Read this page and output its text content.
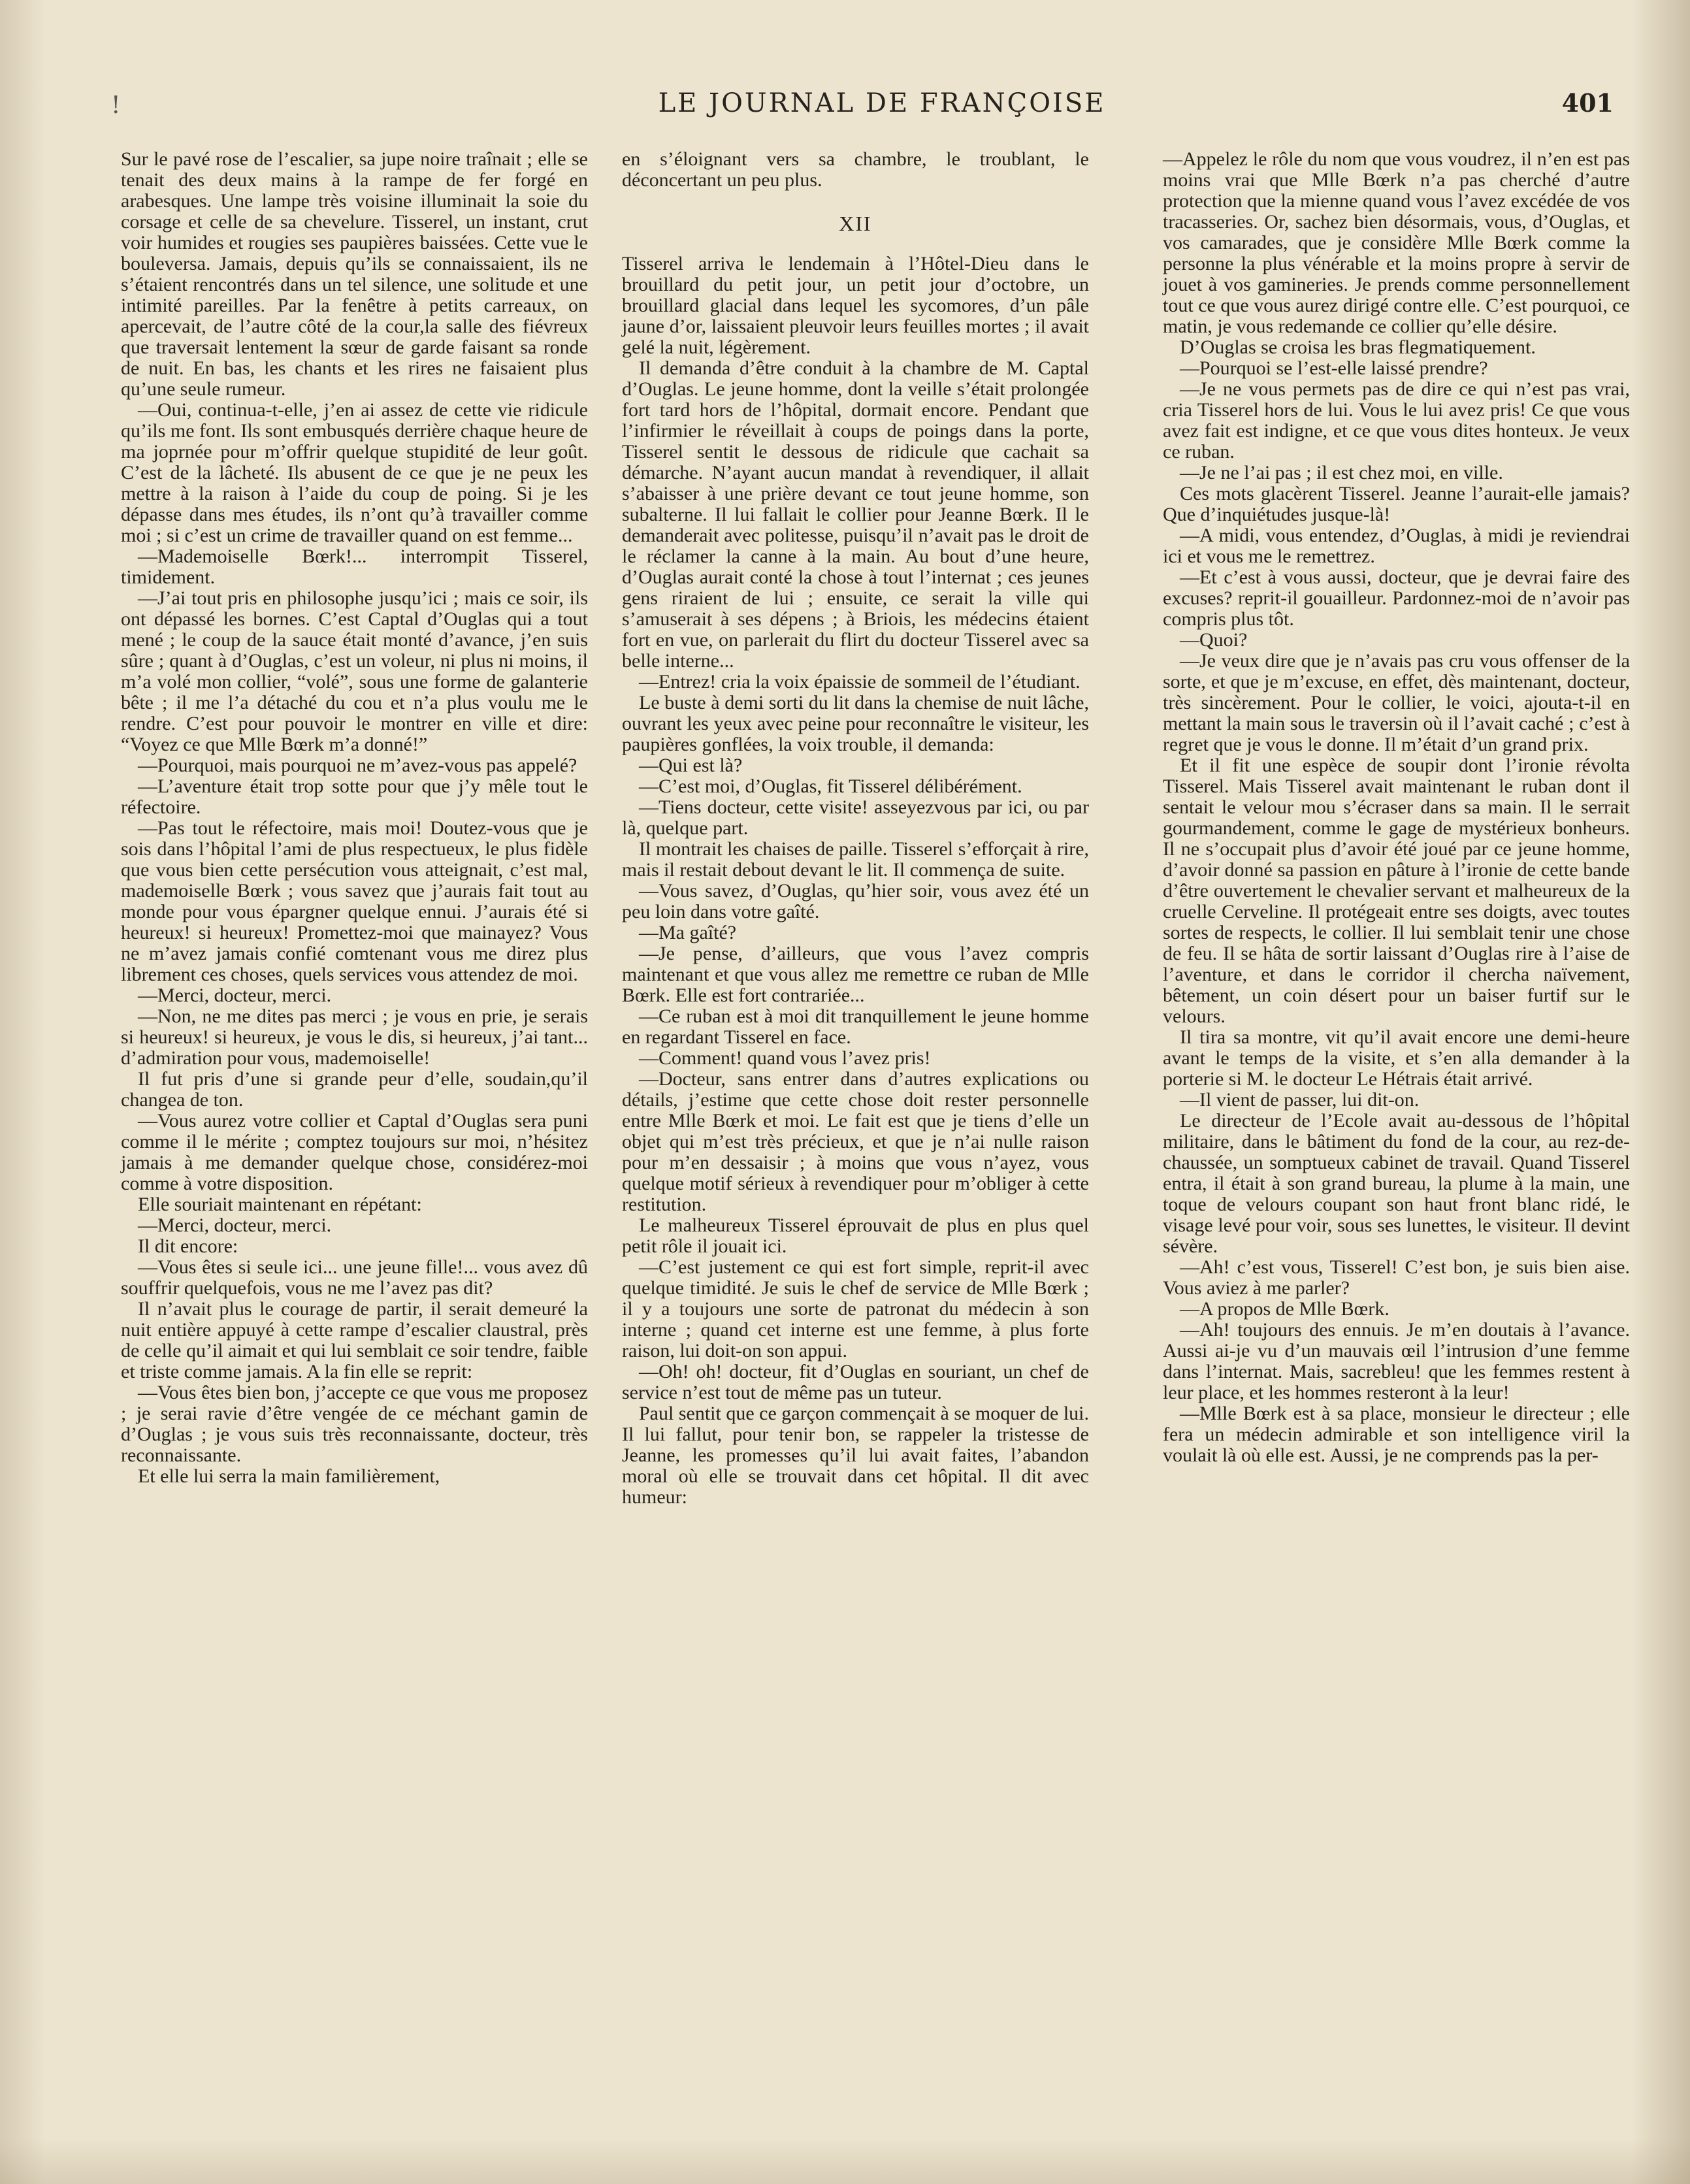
!	LE JOURNAL DE FRANÇOISE	401

Sur le pavé rose de l’escalier, sa jupe noire traînait ; elle se tenait des deux mains à la rampe de fer forgé en arabesques. Une lampe très voisine illuminait la soie du corsage et celle de sa chevelure. Tisserel, un instant, crut voir humides et rougies ses paupières baissées. Cette vue le bouleversa. Jamais, depuis qu’ils se connaissaient, ils ne s’étaient rencontrés dans un tel silence, une solitude et une intimité pareilles. Par la fenêtre à petits carreaux, on apercevait, de l’autre côté de la cour,la salle des fiévreux que traversait lentement la sœur de garde faisant sa ronde de nuit. En bas, les chants et les rires ne faisaient plus qu’une seule rumeur.

—Oui, continua-t-elle, j’en ai assez de cette vie ridicule qu’ils me font. Ils sont embusqués derrière chaque heure de ma joprnée pour m’offrir quelque stupidité de leur goût. C’est de la lâcheté. Ils abusent de ce que je ne peux les mettre à la raison à l’aide du coup de poing. Si je les dépasse dans mes études, ils n’ont qu’à travailler comme moi ; si c’est un crime de travailler quand on est femme...

—Mademoiselle Bœrk!... interrompit Tisserel, timidement.

—J’ai tout pris en philosophe jusqu’ici ; mais ce soir, ils ont dépassé les bornes. C’est Captal d’Ouglas qui a tout mené ; le coup de la sauce était monté d’avance, j’en suis sûre ; quant à d’Ouglas, c’est un voleur, ni plus ni moins, il m’a volé mon collier, “volé”, sous une forme de galanterie bête ; il me l’a détaché du cou et n’a plus voulu me le rendre. C’est pour pouvoir le montrer en ville et dire: “Voyez ce que Mlle Bœrk m’a donné!”

—Pourquoi, mais pourquoi ne m’avez-vous pas appelé?

—L’aventure était trop sotte pour que j’y mêle tout le réfectoire.

—Pas tout le réfectoire, mais moi! Doutez-vous que je sois dans l’hôpital l’ami de plus respectueux, le plus fidèle que vous bien cette persécution vous atteignait, c’est mal, mademoiselle Bœrk ; vous savez que j’aurais fait tout au monde pour vous épargner quelque ennui. J’aurais été si heureux! si heureux! Promettez-moi que mainayez? Vous ne m’avez jamais confié comtenant vous me direz plus librement ces choses, quels services vous attendez de moi.

—Merci, docteur, merci.

—Non, ne me dites pas merci ; je vous en prie, je serais si heureux! si heureux, je vous le dis, si heureux, j’ai tant... d’admiration pour vous, mademoiselle!

Il fut pris d’une si grande peur d’elle, soudain,qu’il changea de ton.

—Vous aurez votre collier et Captal d’Ouglas sera puni comme il le mérite ; comptez toujours sur moi, n’hésitez jamais à me demander quelque chose, considérez-moi comme à votre disposition.

Elle souriait maintenant en répétant:

—Merci, docteur, merci.

Il dit encore:

—Vous êtes si seule ici... une jeune fille!... vous avez dû souffrir quelquefois, vous ne me l’avez pas dit?

Il n’avait plus le courage de partir, il serait demeuré la nuit entière appuyé à cette rampe d’escalier claustral, près de celle qu’il aimait et qui lui semblait ce soir tendre, faible et triste comme jamais. A la fin elle se reprit:

—Vous êtes bien bon, j’accepte ce que vous me proposez ; je serai ravie d’être vengée de ce méchant gamin de d’Ouglas ; je vous suis très reconnaissante, docteur, très reconnaissante.

Et elle lui serra la main familièrement,

en s’éloignant vers sa chambre, le troublant, le déconcertant un peu plus.

XII

Tisserel arriva le lendemain à l’Hôtel-Dieu dans le brouillard du petit jour, un petit jour d’octobre, un brouillard glacial dans lequel les sycomores, d’un pâle jaune d’or, laissaient pleuvoir leurs feuilles mortes ; il avait gelé la nuit, légèrement.

Il demanda d’être conduit à la chambre de M. Captal d’Ouglas. Le jeune homme, dont la veille s’était prolongée fort tard hors de l’hôpital, dormait encore. Pendant que l’infirmier le réveillait à coups de poings dans la porte, Tisserel sentit le dessous de ridicule que cachait sa démarche. N’ayant aucun mandat à revendiquer, il allait s’abaisser à une prière devant ce tout jeune homme, son subalterne. Il lui fallait le collier pour Jeanne Bœrk. Il le demanderait avec politesse, puisqu’il n’avait pas le droit de le réclamer la canne à la main. Au bout d’une heure, d’Ouglas aurait conté la chose à tout l’internat ; ces jeunes gens riraient de lui ; ensuite, ce serait la ville qui s’amuserait à ses dépens ; à Briois, les médecins étaient fort en vue, on parlerait du flirt du docteur Tisserel avec sa belle interne...

—Entrez! cria la voix épaissie de sommeil de l’étudiant.

Le buste à demi sorti du lit dans la chemise de nuit lâche, ouvrant les yeux avec peine pour reconnaître le visiteur, les paupières gonflées, la voix trouble, il demanda:

—Qui est là?

—C’est moi, d’Ouglas, fit Tisserel délibérément.

—Tiens docteur, cette visite! asseyezvous par ici, ou par là, quelque part.

Il montrait les chaises de paille. Tisserel s’efforçait à rire, mais il restait debout devant le lit. Il commença de suite.

—Vous savez, d’Ouglas, qu’hier soir, vous avez été un peu loin dans votre gaîté.

—Ma gaîté?

—Je pense, d’ailleurs, que vous l’avez compris maintenant et que vous allez me remettre ce ruban de Mlle Bœrk. Elle est fort contrariée...

—Ce ruban est à moi dit tranquillement le jeune homme en regardant Tisserel en face.

—Comment! quand vous l’avez pris!

—Docteur, sans entrer dans d’autres explications ou détails, j’estime que cette chose doit rester personnelle entre Mlle Bœrk et moi. Le fait est que je tiens d’elle un objet qui m’est très précieux, et que je n’ai nulle raison pour m’en dessaisir ; à moins que vous n’ayez, vous quelque motif sérieux à revendiquer pour m’obliger à cette restitution.

Le malheureux Tisserel éprouvait de plus en plus quel petit rôle il jouait ici.

—C’est justement ce qui est fort simple, reprit-il avec quelque timidité. Je suis le chef de service de Mlle Bœrk ; il y a toujours une sorte de patronat du médecin à son interne ; quand cet interne est une femme, à plus forte raison, lui doit-on son appui.

—Oh! oh! docteur, fit d’Ouglas en souriant, un chef de service n’est tout de même pas un tuteur.

Paul sentit que ce garçon commençait à se moquer de lui. Il lui fallut, pour tenir bon, se rappeler la tristesse de Jeanne, les promesses qu’il lui avait faites, l’abandon moral où elle se trouvait dans cet hôpital. Il dit avec humeur:

—Appelez le rôle du nom que vous voudrez, il n’en est pas moins vrai que Mlle Bœrk n’a pas cherché d’autre protection que la mienne quand vous l’avez excédée de vos tracasseries. Or, sachez bien désormais, vous, d’Ouglas, et vos camarades, que je considère Mlle Bœrk comme la personne la plus vénérable et la moins propre à servir de jouet à vos gamineries. Je prends comme personnellement tout ce que vous aurez dirigé contre elle. C’est pourquoi, ce matin, je vous redemande ce collier qu’elle désire.

D’Ouglas se croisa les bras flegmatiquement.

—Pourquoi se l’est-elle laissé prendre?

—Je ne vous permets pas de dire ce qui n’est pas vrai, cria Tisserel hors de lui. Vous le lui avez pris! Ce que vous avez fait est indigne, et ce que vous dites honteux. Je veux ce ruban.

—Je ne l’ai pas ; il est chez moi, en ville.

Ces mots glacèrent Tisserel. Jeanne l’aurait-elle jamais? Que d’inquiétudes jusque-là!

—A midi, vous entendez, d’Ouglas, à midi je reviendrai ici et vous me le remettrez.

—Et c’est à vous aussi, docteur, que je devrai faire des excuses? reprit-il gouailleur. Pardonnez-moi de n’avoir pas compris plus tôt.

—Quoi?

—Je veux dire que je n’avais pas cru vous offenser de la sorte, et que je m’excuse, en effet, dès maintenant, docteur, très sincèrement. Pour le collier, le voici, ajouta-t-il en mettant la main sous le traversin où il l’avait caché ; c’est à regret que je vous le donne. Il m’était d’un grand prix.

Et il fit une espèce de soupir dont l’ironie révolta Tisserel. Mais Tisserel avait maintenant le ruban dont il sentait le velour mou s’écraser dans sa main. Il le serrait gourmandement, comme le gage de mystérieux bonheurs. Il ne s’occupait plus d’avoir été joué par ce jeune homme, d’avoir donné sa passion en pâture à l’ironie de cette bande d’être ouvertement le chevalier servant et malheureux de la cruelle Cerveline. Il protégeait entre ses doigts, avec toutes sortes de respects, le collier. Il lui semblait tenir une chose de feu. Il se hâta de sortir laissant d’Ouglas rire à l’aise de l’aventure, et dans le corridor il chercha naïvement, bêtement, un coin désert pour un baiser furtif sur le velours.

Il tira sa montre, vit qu’il avait encore une demi-heure avant le temps de la visite, et s’en alla demander à la porterie si M. le docteur Le Hétrais était arrivé.

—Il vient de passer, lui dit-on.

Le directeur de l’Ecole avait au-dessous de l’hôpital militaire, dans le bâtiment du fond de la cour, au rez-de-chaussée, un somptueux cabinet de travail. Quand Tisserel entra, il était à son grand bureau, la plume à la main, une toque de velours coupant son haut front blanc ridé, le visage levé pour voir, sous ses lunettes, le visiteur. Il devint sévère.

—Ah! c’est vous, Tisserel! C’est bon, je suis bien aise. Vous aviez à me parler?

—A propos de Mlle Bœrk.

—Ah! toujours des ennuis. Je m’en doutais à l’avance. Aussi ai-je vu d’un mauvais œil l’intrusion d’une femme dans l’internat. Mais, sacrebleu! que les femmes restent à leur place, et les hommes resteront à la leur!

—Mlle Bœrk est à sa place, monsieur le directeur ; elle fera un médecin admirable et son intelligence viril la voulait là où elle est. Aussi, je ne comprends pas la per-
